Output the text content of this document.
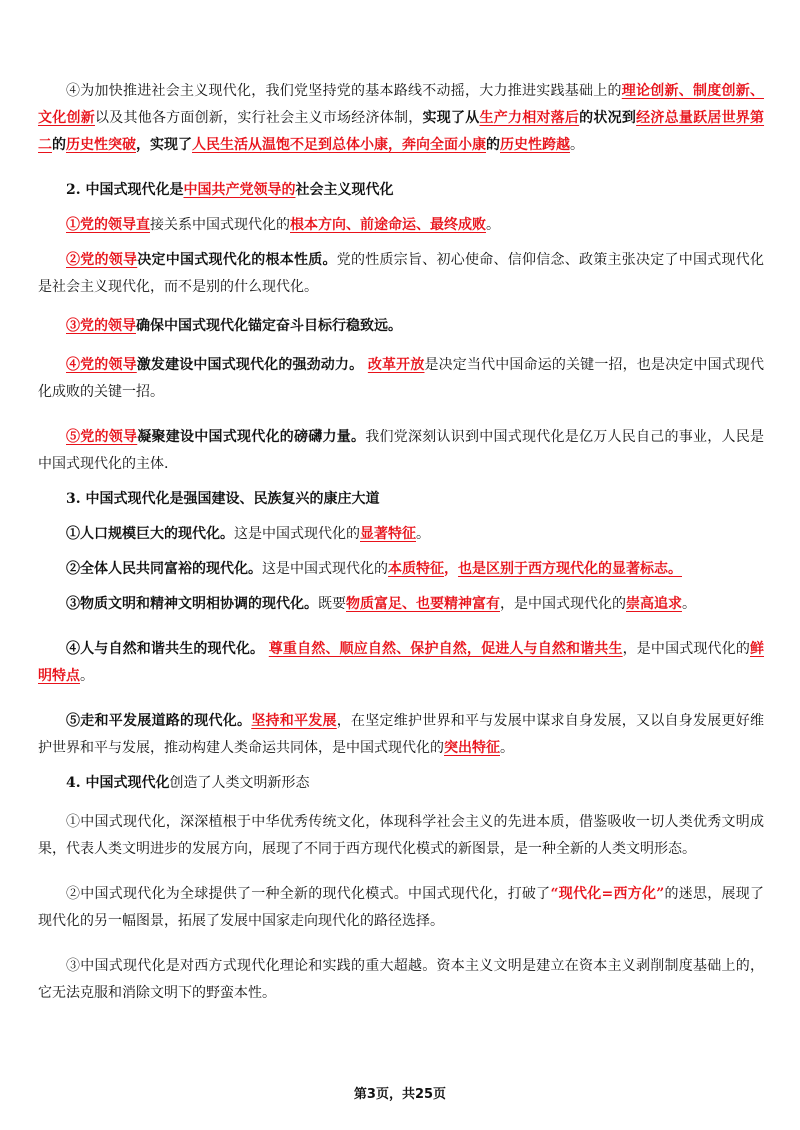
④为加快推进社会主义现代化，我们党坚持党的基本路线不动摇，大力推进实践基础上的理论创新、制度创新、文化创新以及其他各方面创新，实行社会主义市场经济体制，实现了从生产力相对落后的状况到经济总量跃居世界第二的历史性突破，实现了人民生活从温饱不足到总体小康，奔向全面小康的历史性跨越。

2. 中国式现代化是中国共产党领导的社会主义现代化

①党的领导直接关系中国式现代化的根本方向、前途命运、最终成败。

②党的领导决定中国式现代化的根本性质。党的性质宗旨、初心使命、信仰信念、政策主张决定了中国式现代化是社会主义现代化，而不是别的什么现代化。

③党的领导确保中国式现代化锚定奋斗目标行稳致远。

④党的领导激发建设中国式现代化的强劲动力。 改革开放是决定当代中国命运的关键一招，也是决定中国式现代化成败的关键一招。

⑤党的领导凝聚建设中国式现代化的磅礴力量。我们党深刻认识到中国式现代化是亿万人民自己的事业，人民是中国式现代化的主体.

3. 中国式现代化是强国建设、民族复兴的康庄大道

①人口规模巨大的现代化。这是中国式现代化的显著特征。

②全体人民共同富裕的现代化。这是中国式现代化的本质特征，也是区别于西方现代化的显著标志。

③物质文明和精神文明相协调的现代化。既要物质富足、也要精神富有，是中国式现代化的崇高追求。

④人与自然和谐共生的现代化。 尊重自然、顺应自然、保护自然，促进人与自然和谐共生，是中国式现代化的鲜明特点。

⑤走和平发展道路的现代化。坚持和平发展，在坚定维护世界和平与发展中谋求自身发展，又以自身发展更好维护世界和平与发展，推动构建人类命运共同体，是中国式现代化的突出特征。

4. 中国式现代化创造了人类文明新形态

①中国式现代化，深深植根于中华优秀传统文化，体现科学社会主义的先进本质，借鉴吸收一切人类优秀文明成果，代表人类文明进步的发展方向，展现了不同于西方现代化模式的新图景，是一种全新的人类文明形态。

②中国式现代化为全球提供了一种全新的现代化模式。中国式现代化，打破了“现代化=西方化”的迷思，展现了现代化的另一幅图景，拓展了发展中国家走向现代化的路径选择。

③中国式现代化是对西方式现代化理论和实践的重大超越。资本主义文明是建立在资本主义剥削制度基础上的，它无法克服和消除文明下的野蛮本性。

第3页，共25页
